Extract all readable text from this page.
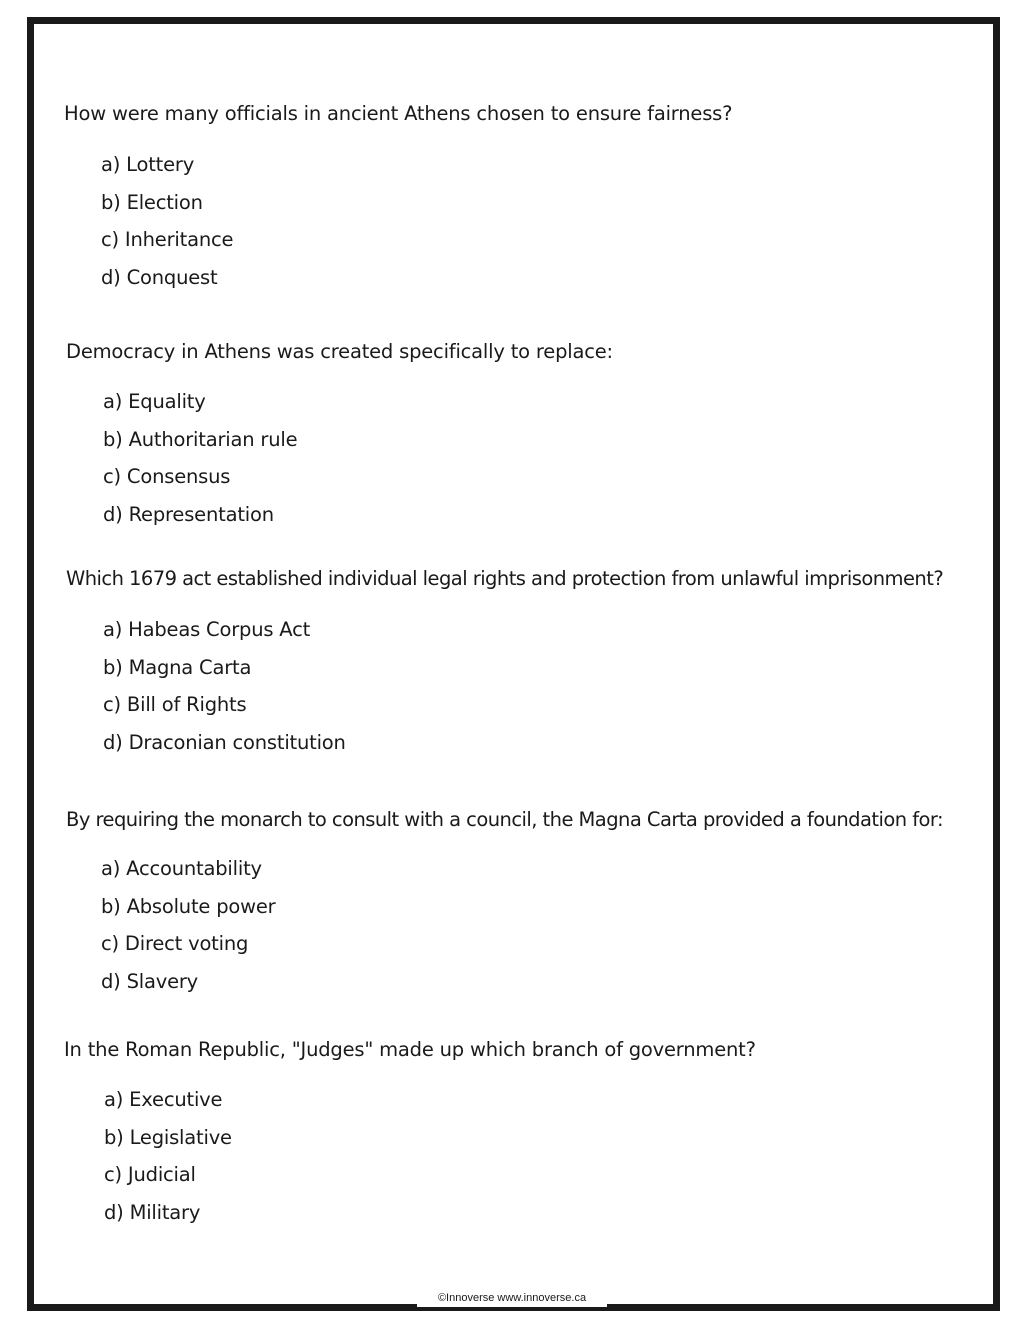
How were many officials in ancient Athens chosen to ensure fairness?
a) Lottery
b) Election
c) Inheritance
d) Conquest
Democracy in Athens was created specifically to replace:
a) Equality
b) Authoritarian rule
c) Consensus
d) Representation
Which 1679 act established individual legal rights and protection from unlawful imprisonment?
a) Habeas Corpus Act
b) Magna Carta
c) Bill of Rights
d) Draconian constitution
By requiring the monarch to consult with a council, the Magna Carta provided a foundation for:
a) Accountability
b) Absolute power
c) Direct voting
d) Slavery
In the Roman Republic, "Judges" made up which branch of government?
a) Executive
b) Legislative
c) Judicial
d) Military
©Innoverse www.innoverse.ca
